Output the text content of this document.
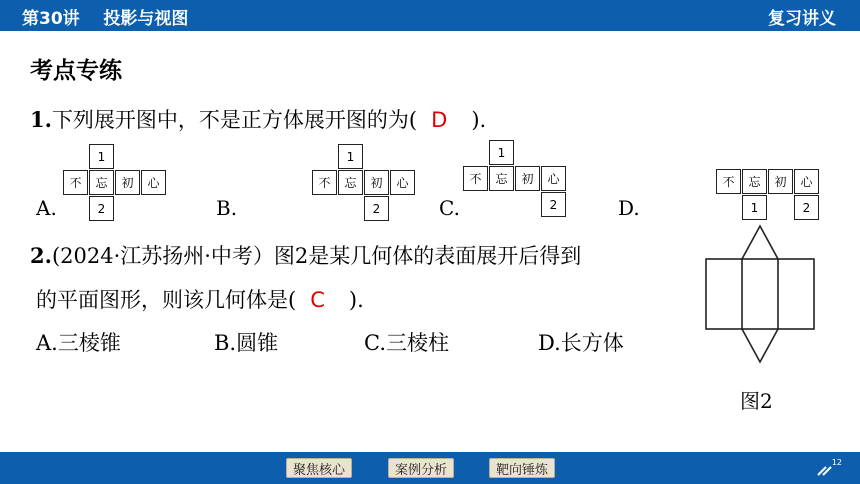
第30讲    投影与视图	复习讲义
考点专练
1.下列展开图中，不是正方体展开图的为( D ).
A.
1
不	忘	初	心
2	B.
1
不	忘	初	心
2	C.
1
不	忘	初	心
2	D.
不	忘	初	心
1	2
2.(2024·江苏扬州·中考）图2是某几何体的表面展开后得到
的平面图形，则该几何体是( C ).
A.三棱锥	B.圆锥	C.三棱柱	D.长方体
图2
聚焦核心	案例分析	靶向锤炼	12
